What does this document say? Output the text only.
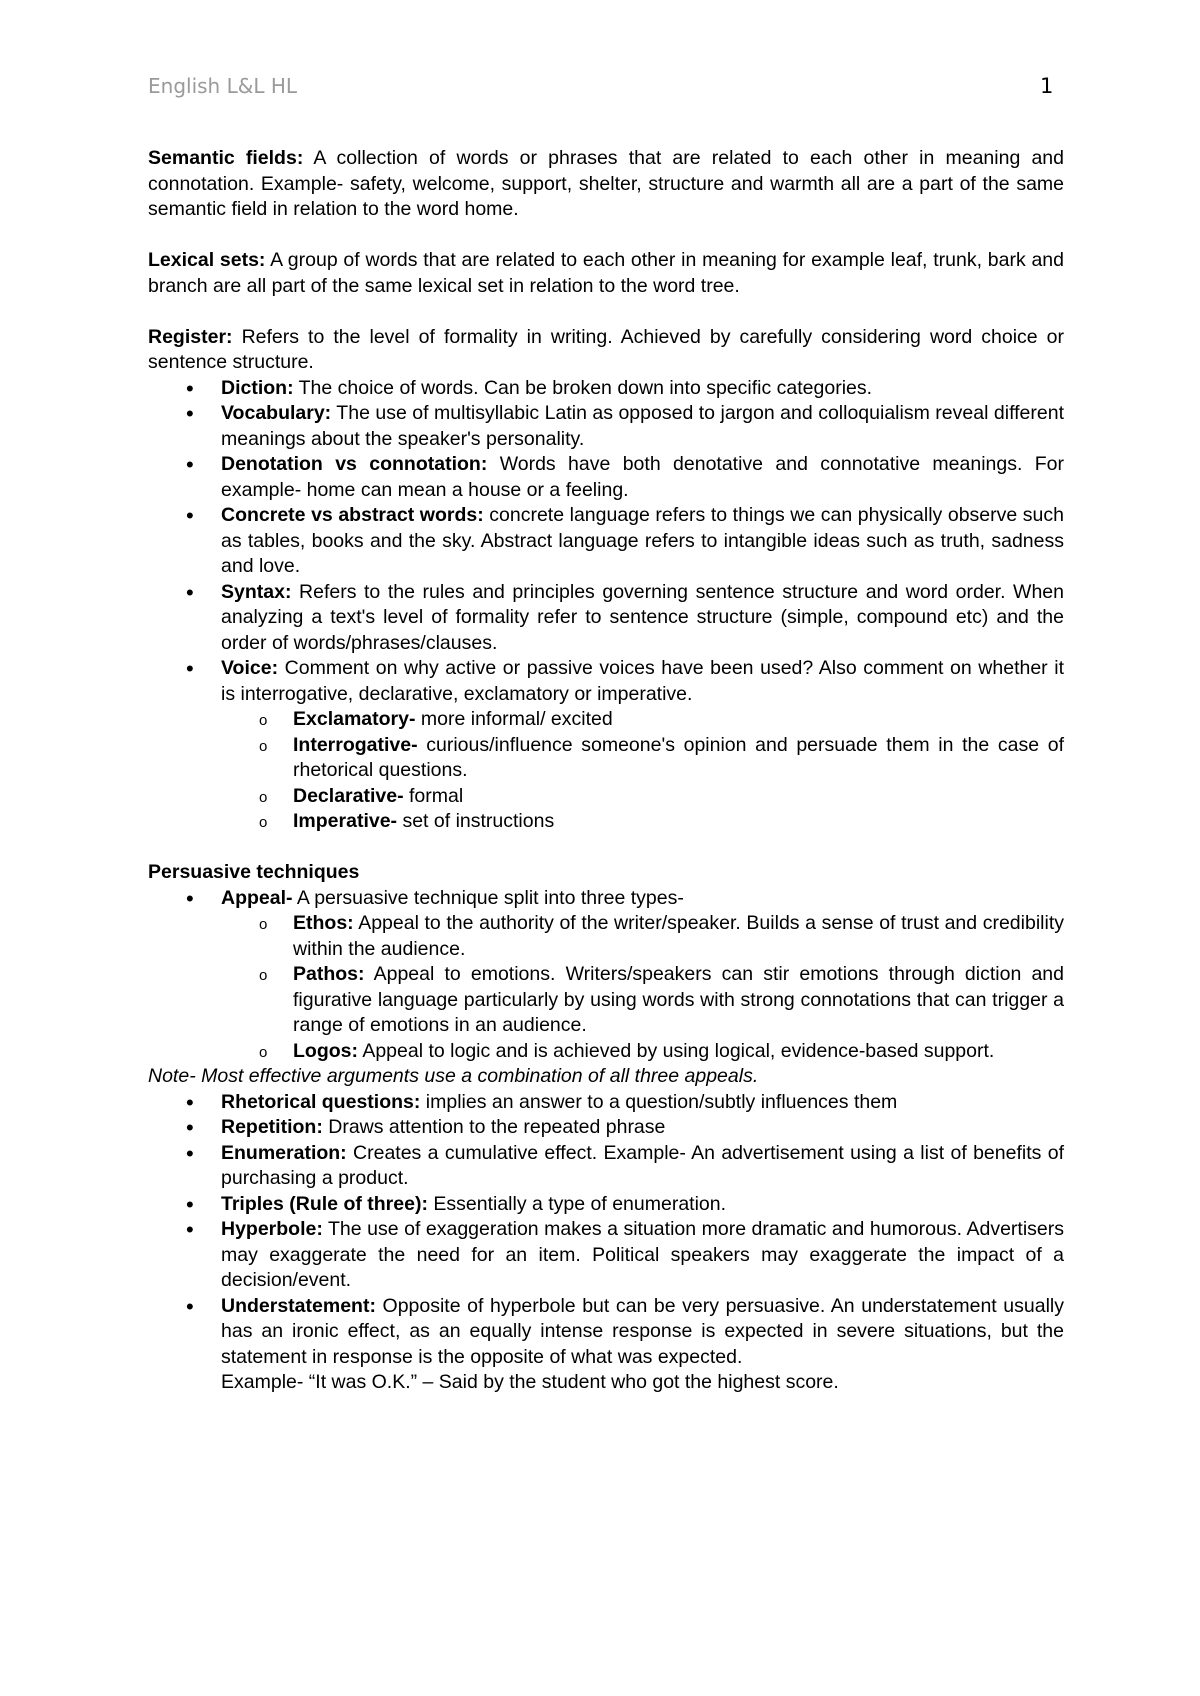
English L&L HL	1

Semantic fields: A collection of words or phrases that are related to each other in meaning and connotation. Example- safety, welcome, support, shelter, structure and warmth all are a part of the same semantic field in relation to the word home.

Lexical sets: A group of words that are related to each other in meaning for example leaf, trunk, bark and branch are all part of the same lexical set in relation to the word tree.

Register: Refers to the level of formality in writing. Achieved by carefully considering word choice or sentence structure.

• Diction: The choice of words. Can be broken down into specific categories.
• Vocabulary: The use of multisyllabic Latin as opposed to jargon and colloquialism reveal different meanings about the speaker's personality.
• Denotation vs connotation: Words have both denotative and connotative meanings. For example- home can mean a house or a feeling.
• Concrete vs abstract words: concrete language refers to things we can physically observe such as tables, books and the sky. Abstract language refers to intangible ideas such as truth, sadness and love.
• Syntax: Refers to the rules and principles governing sentence structure and word order. When analyzing a text's level of formality refer to sentence structure (simple, compound etc) and the order of words/phrases/clauses.
• Voice: Comment on why active or passive voices have been used? Also comment on whether it is interrogative, declarative, exclamatory or imperative.
o Exclamatory- more informal/ excited
o Interrogative- curious/influence someone's opinion and persuade them in the case of rhetorical questions.
o Declarative- formal
o Imperative- set of instructions

Persuasive techniques

• Appeal- A persuasive technique split into three types-
o Ethos: Appeal to the authority of the writer/speaker. Builds a sense of trust and credibility within the audience.
o Pathos: Appeal to emotions. Writers/speakers can stir emotions through diction and figurative language particularly by using words with strong connotations that can trigger a range of emotions in an audience.
o Logos: Appeal to logic and is achieved by using logical, evidence-based support.

Note- Most effective arguments use a combination of all three appeals.

• Rhetorical questions: implies an answer to a question/subtly influences them
• Repetition: Draws attention to the repeated phrase
• Enumeration: Creates a cumulative effect. Example- An advertisement using a list of benefits of purchasing a product.
• Triples (Rule of three): Essentially a type of enumeration.
• Hyperbole: The use of exaggeration makes a situation more dramatic and humorous. Advertisers may exaggerate the need for an item. Political speakers may exaggerate the impact of a decision/event.
• Understatement: Opposite of hyperbole but can be very persuasive. An understatement usually has an ironic effect, as an equally intense response is expected in severe situations, but the statement in response is the opposite of what was expected.

Example- “It was O.K.” – Said by the student who got the highest score.
